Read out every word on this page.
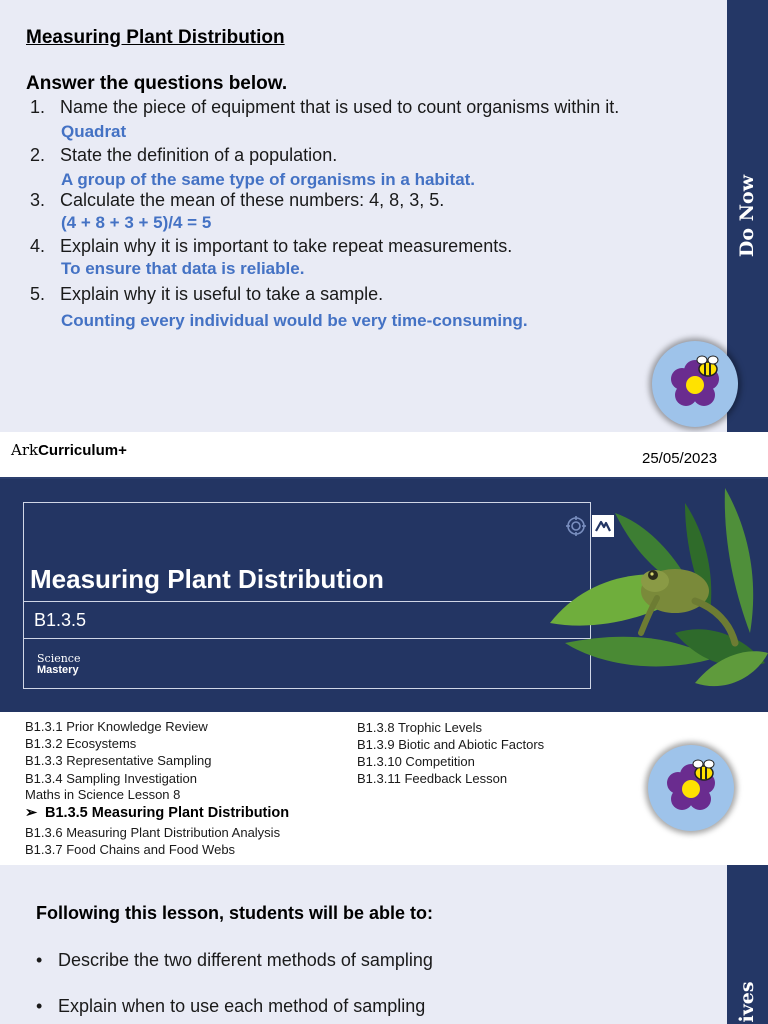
Do Now
Measuring Plant Distribution
Answer the questions below.
1. Name the piece of equipment that is used to count organisms within it.
Quadrat
2. State the definition of a population.
A group of the same type of organisms in a habitat.
3. Calculate the mean of these numbers: 4, 8, 3, 5.
(4 + 8 + 3 + 5)/4 = 5
4. Explain why it is important to take repeat measurements.
To ensure that data is reliable.
5. Explain why it is useful to take a sample.
Counting every individual would be very time-consuming.
ArkCurriculum+	25/05/2023
Measuring Plant Distribution
B1.3.5
Science
Mastery
B1.3.1 Prior Knowledge Review
B1.3.2 Ecosystems
B1.3.3 Representative Sampling
B1.3.4 Sampling Investigation
Maths in Science Lesson 8
➢ B1.3.5 Measuring Plant Distribution
B1.3.6 Measuring Plant Distribution Analysis
B1.3.7 Food Chains and Food Webs
B1.3.8 Trophic Levels
B1.3.9 Biotic and Abiotic Factors
B1.3.10 Competition
B1.3.11 Feedback Lesson
ives
Following this lesson, students will be able to:
• Describe the two different methods of sampling
• Explain when to use each method of sampling
